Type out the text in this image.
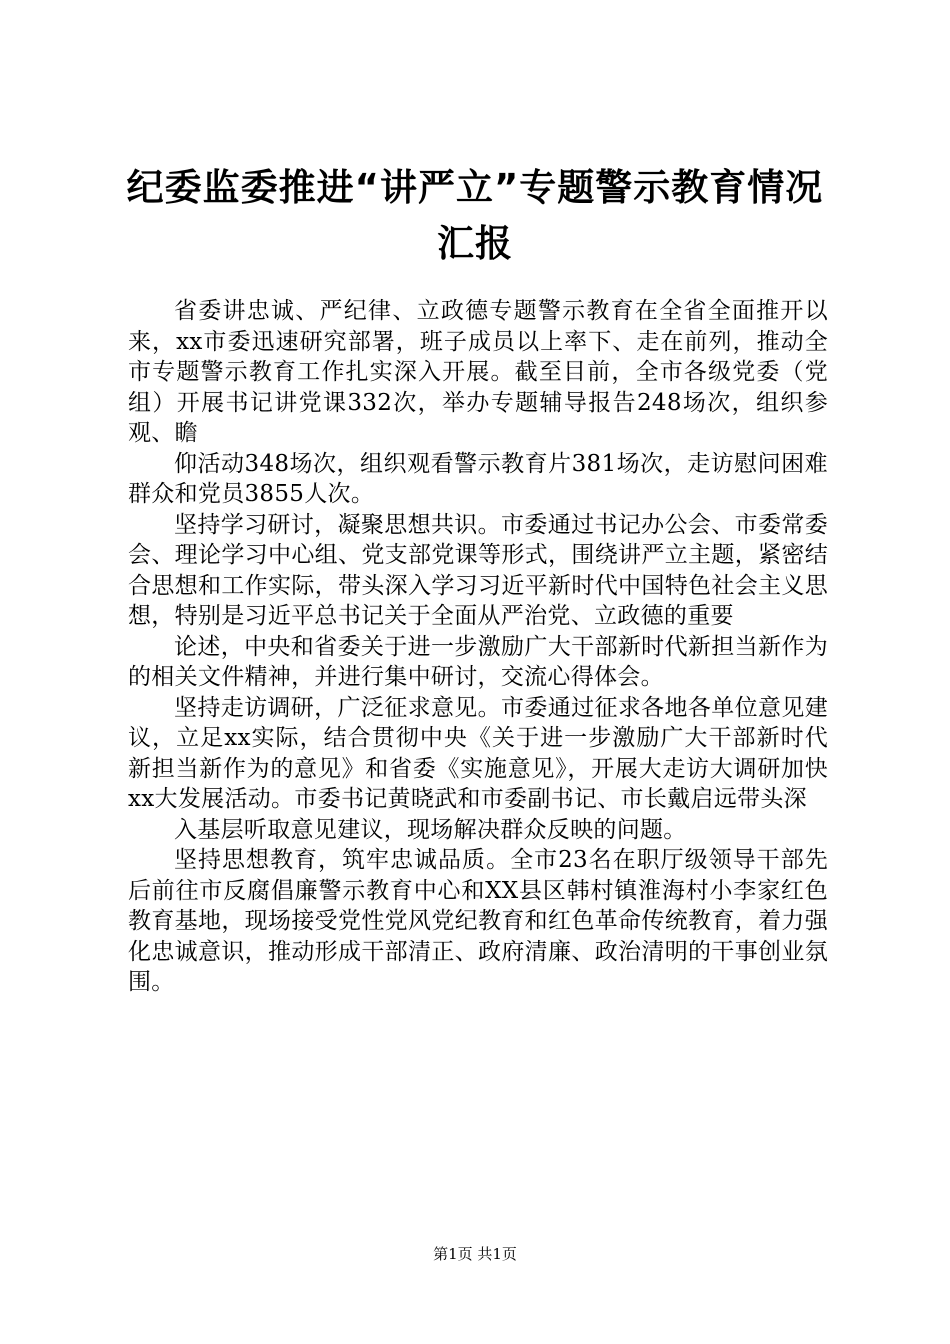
纪委监委推进“讲严立”专题警示教育情况汇报

省委讲忠诚、严纪律、立政德专题警示教育在全省全面推开以来，xx市委迅速研究部署，班子成员以上率下、走在前列，推动全市专题警示教育工作扎实深入开展。截至目前，全市各级党委（党组）开展书记讲党课332次，举办专题辅导报告248场次，组织参观、瞻

仰活动348场次，组织观看警示教育片381场次，走访慰问困难群众和党员3855人次。

坚持学习研讨，凝聚思想共识。市委通过书记办公会、市委常委会、理论学习中心组、党支部党课等形式，围绕讲严立主题，紧密结合思想和工作实际，带头深入学习习近平新时代中国特色社会主义思想，特别是习近平总书记关于全面从严治党、立政德的重要

论述，中央和省委关于进一步激励广大干部新时代新担当新作为的相关文件精神，并进行集中研讨，交流心得体会。

坚持走访调研，广泛征求意见。市委通过征求各地各单位意见建议，立足xx实际，结合贯彻中央《关于进一步激励广大干部新时代新担当新作为的意见》和省委《实施意见》，开展大走访大调研加快xx大发展活动。市委书记黄晓武和市委副书记、市长戴启远带头深

入基层听取意见建议，现场解决群众反映的问题。

坚持思想教育，筑牢忠诚品质。全市23名在职厅级领导干部先后前往市反腐倡廉警示教育中心和XX县区韩村镇淮海村小李家红色教育基地，现场接受党性党风党纪教育和红色革命传统教育，着力强化忠诚意识，推动形成干部清正、政府清廉、政治清明的干事创业氛围。

第1页 共1页
